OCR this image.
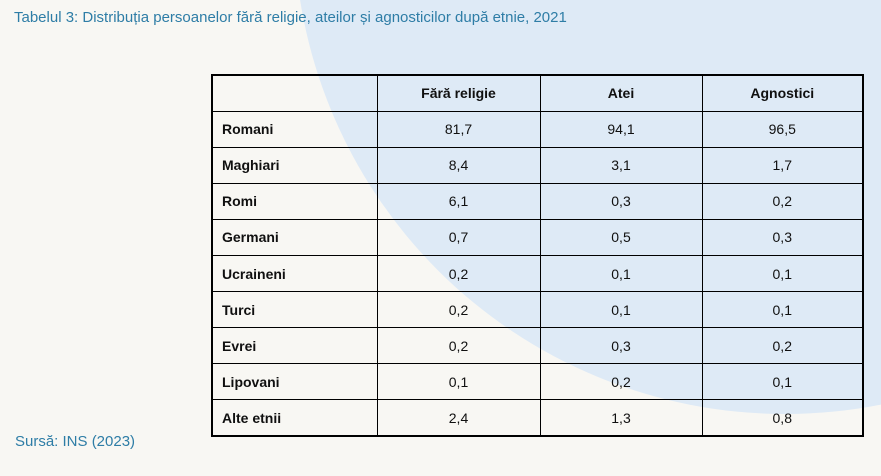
Tabelul 3: Distribuția persoanelor fără religie, ateilor și agnosticilor după etnie, 2021
	Fără religie	Atei	Agnostici
Romani	81,7	94,1	96,5
Maghiari	8,4	3,1	1,7
Romi	6,1	0,3	0,2
Germani	0,7	0,5	0,3
Ucraineni	0,2	0,1	0,1
Turci	0,2	0,1	0,1
Evrei	0,2	0,3	0,2
Lipovani	0,1	0,2	0,1
Alte etnii	2,4	1,3	0,8
Sursă: INS (2023)
